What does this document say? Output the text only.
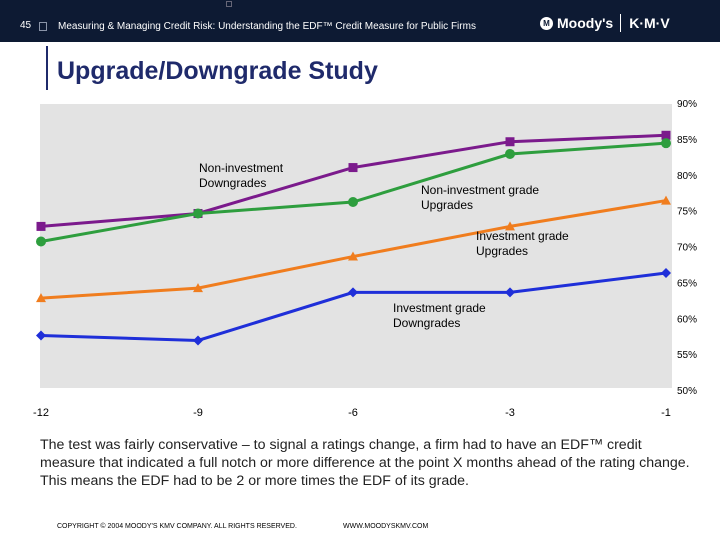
45	Measuring & Managing Credit Risk: Understanding the EDF™ Credit Measure for Public Firms	M Moody's K·M·V
Upgrade/Downgrade Study
50%
55%
60%
65%
70%
75%
80%
85%
90%
-12	-9	-6	-3	-1
Non-investment Downgrades	Non-investment grade Upgrades
Investment grade Upgrades
Investment grade Downgrades
The test was fairly conservative – to signal a ratings change, a firm had to have an EDF™ credit measure that indicated a full notch or more difference at the point X months ahead of the rating change. This means the EDF had to be 2 or more times the EDF of its grade.
COPYRIGHT © 2004 MOODY'S KMV COMPANY. ALL RIGHTS RESERVED.	WWW.MOODYSKMV.COM
